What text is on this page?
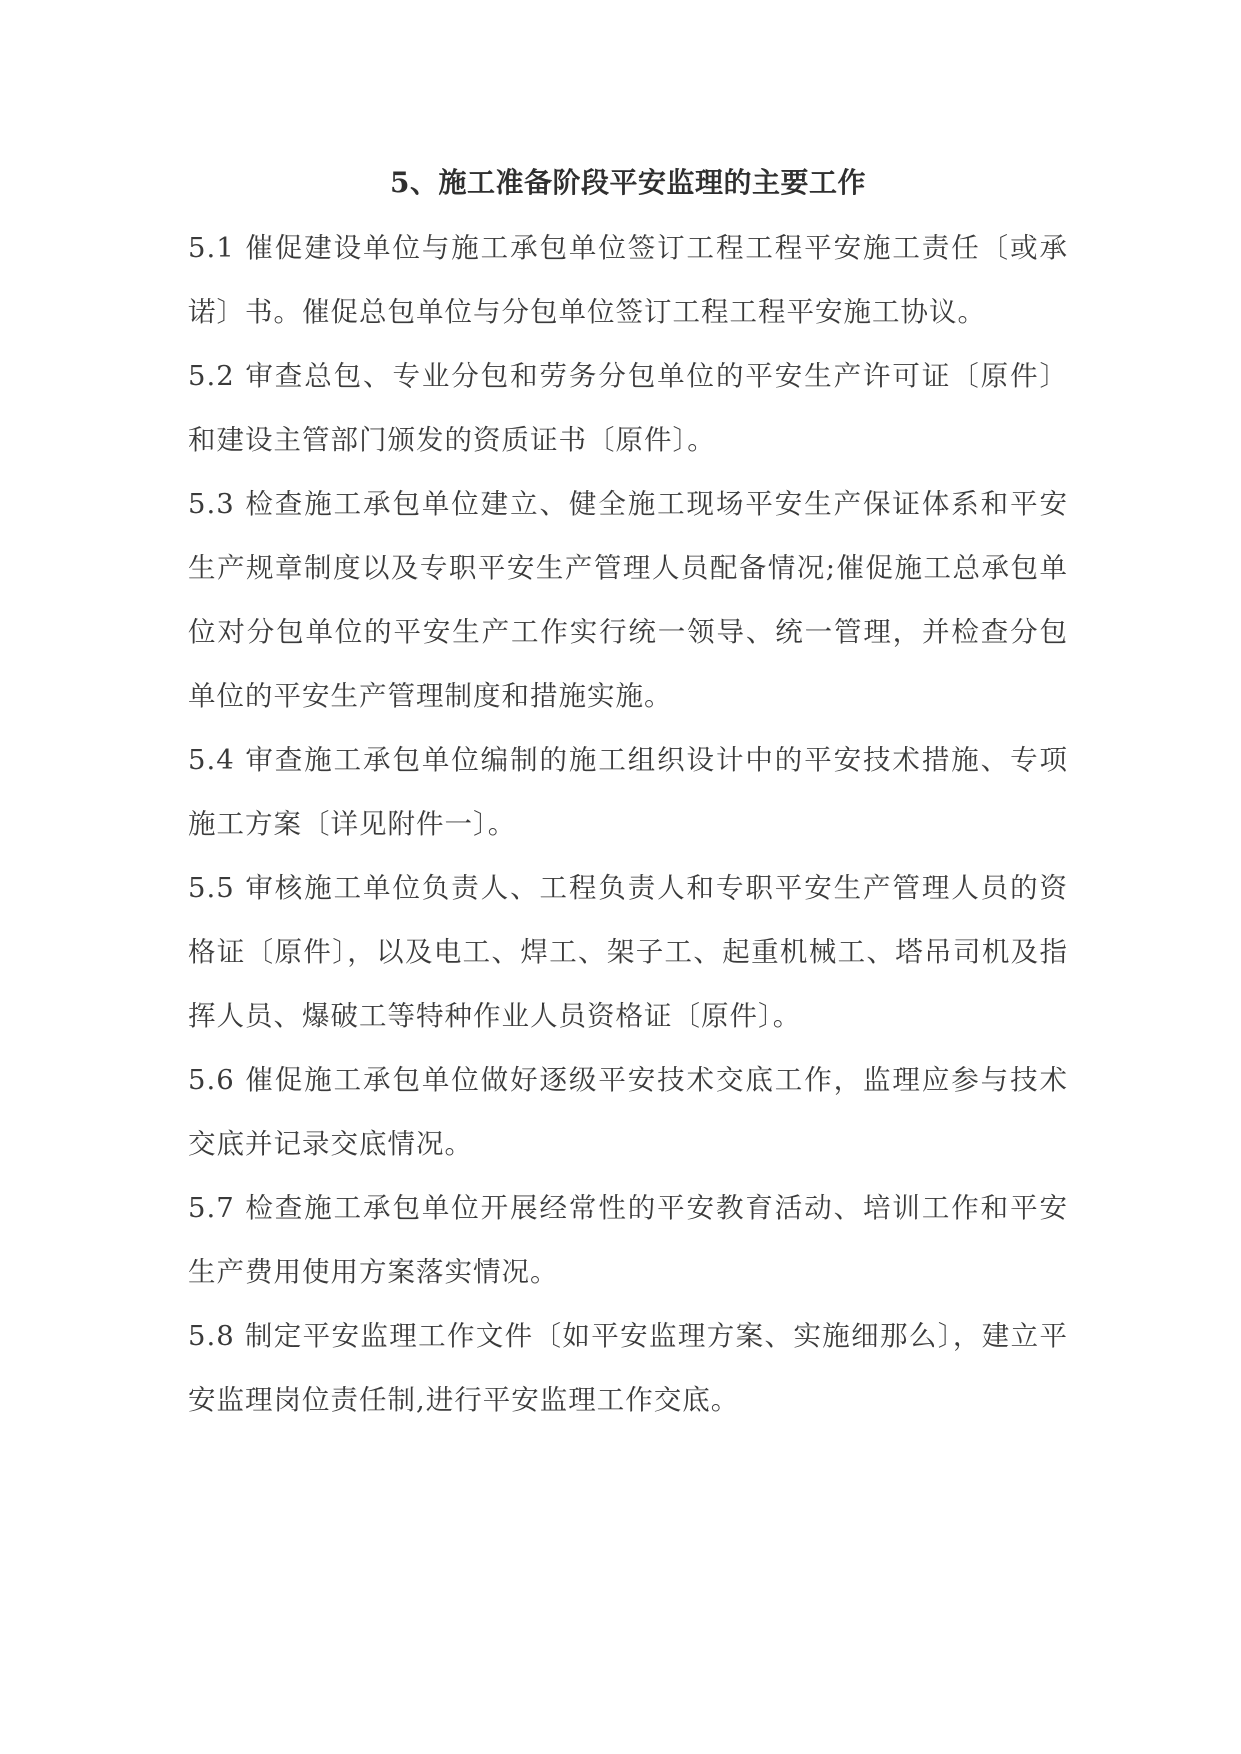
5、施工准备阶段平安监理的主要工作

5.1 催促建设单位与施工承包单位签订工程工程平安施工责任〔或承诺〕书。催促总包单位与分包单位签订工程工程平安施工协议。

5.2 审查总包、专业分包和劳务分包单位的平安生产许可证〔原件〕和建设主管部门颁发的资质证书〔原件〕。

5.3 检查施工承包单位建立、健全施工现场平安生产保证体系和平安生产规章制度以及专职平安生产管理人员配备情况;催促施工总承包单位对分包单位的平安生产工作实行统一领导、统一管理，并检查分包单位的平安生产管理制度和措施实施。

5.4 审查施工承包单位编制的施工组织设计中的平安技术措施、专项施工方案〔详见附件一〕。

5.5 审核施工单位负责人、工程负责人和专职平安生产管理人员的资格证〔原件〕，以及电工、焊工、架子工、起重机械工、塔吊司机及指挥人员、爆破工等特种作业人员资格证〔原件〕。

5.6 催促施工承包单位做好逐级平安技术交底工作，监理应参与技术交底并记录交底情况。

5.7 检查施工承包单位开展经常性的平安教育活动、培训工作和平安生产费用使用方案落实情况。

5.8 制定平安监理工作文件〔如平安监理方案、实施细那么〕，建立平安监理岗位责任制,进行平安监理工作交底。
